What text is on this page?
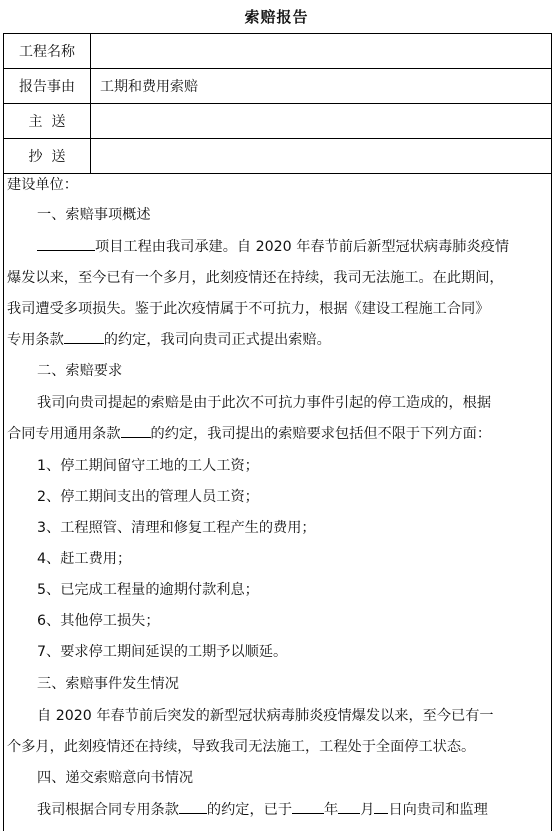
索赔报告
工程名称
报告事由	工期和费用索赔
主  送
抄  送
建设单位：
一、索赔事项概述
项目工程由我司承建。自 2020 年春节前后新型冠状病毒肺炎疫情
爆发以来，至今已有一个多月，此刻疫情还在持续，我司无法施工。在此期间，
我司遭受多项损失。鉴于此次疫情属于不可抗力，根据《建设工程施工合同》
专用条款	的约定，我司向贵司正式提出索赔。
二、索赔要求
我司向贵司提起的索赔是由于此次不可抗力事件引起的停工造成的，根据
合同专用通用条款 的约定，我司提出的索赔要求包括但不限于下列方面：
1、停工期间留守工地的工人工资；
2、停工期间支出的管理人员工资；
3、工程照管、清理和修复工程产生的费用；
4、赶工费用；
5、已完成工程量的逾期付款利息；
6、其他停工损失；
7、要求停工期间延误的工期予以顺延。
三、索赔事件发生情况
自 2020 年春节前后突发的新型冠状病毒肺炎疫情爆发以来，至今已有一
个多月，此刻疫情还在持续，导致我司无法施工，工程处于全面停工状态。
四、递交索赔意向书情况
我司根据合同专用条款 的约定，已于 年 月 日向贵司和监理
